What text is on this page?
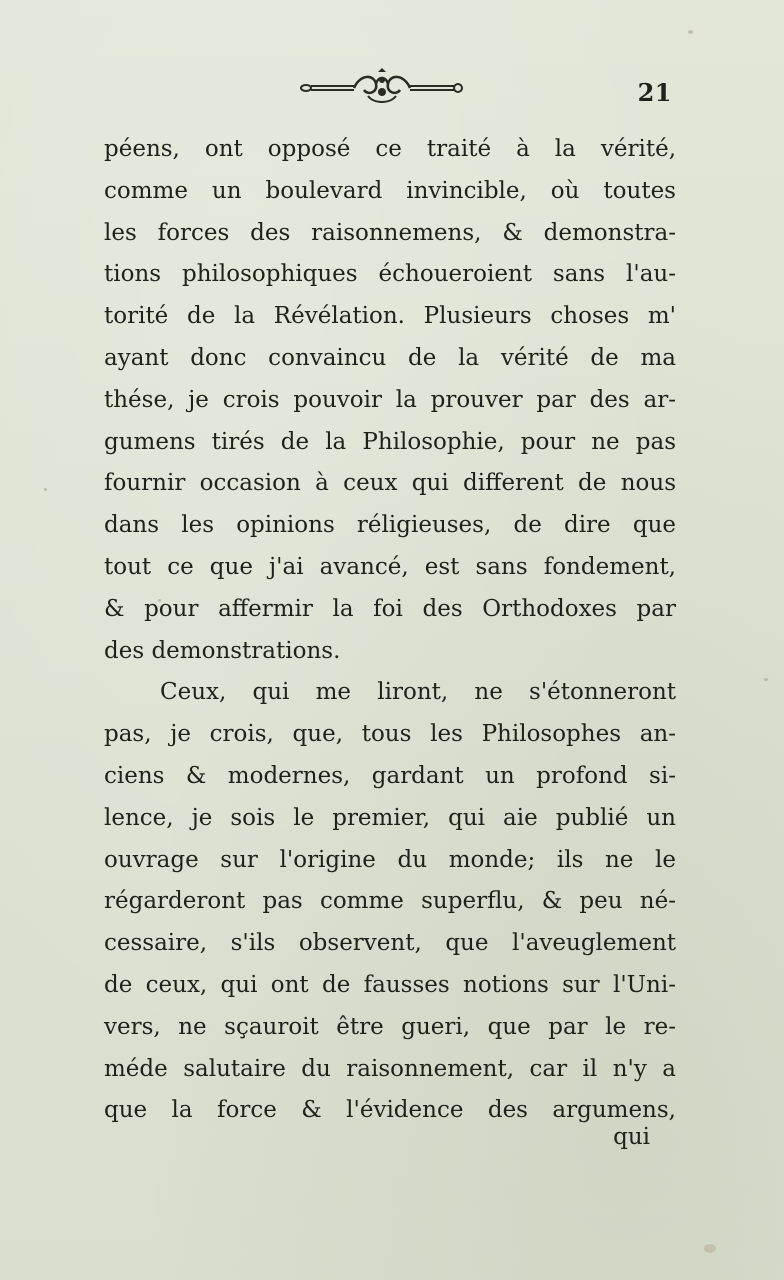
21
péens, ont opposé ce traité à la vérité,
comme un boulevard invincible, où toutes
les forces des raisonnemens, & demonstra-
tions philosophiques échoueroient sans l'au-
torité de la Révélation. Plusieurs choses m'
ayant donc convaincu de la vérité de ma
thése, je crois pouvoir la prouver par des ar-
gumens tirés de la Philosophie, pour ne pas
fournir occasion à ceux qui different de nous
dans les opinions réligieuses, de dire que
tout ce que j'ai avancé, est sans fondement,
& pour affermir la foi des Orthodoxes par
des demonstrations.
Ceux, qui me liront, ne s'étonneront
pas, je crois, que, tous les Philosophes an-
ciens & modernes, gardant un profond si-
lence, je sois le premier, qui aie publié un
ouvrage sur l'origine du monde; ils ne le
régarderont pas comme superflu, & peu né-
cessaire, s'ils observent, que l'aveuglement
de ceux, qui ont de fausses notions sur l'Uni-
vers, ne sçauroit être gueri, que par le re-
méde salutaire du raisonnement, car il n'y a
que la force & l'évidence des argumens,
qui
